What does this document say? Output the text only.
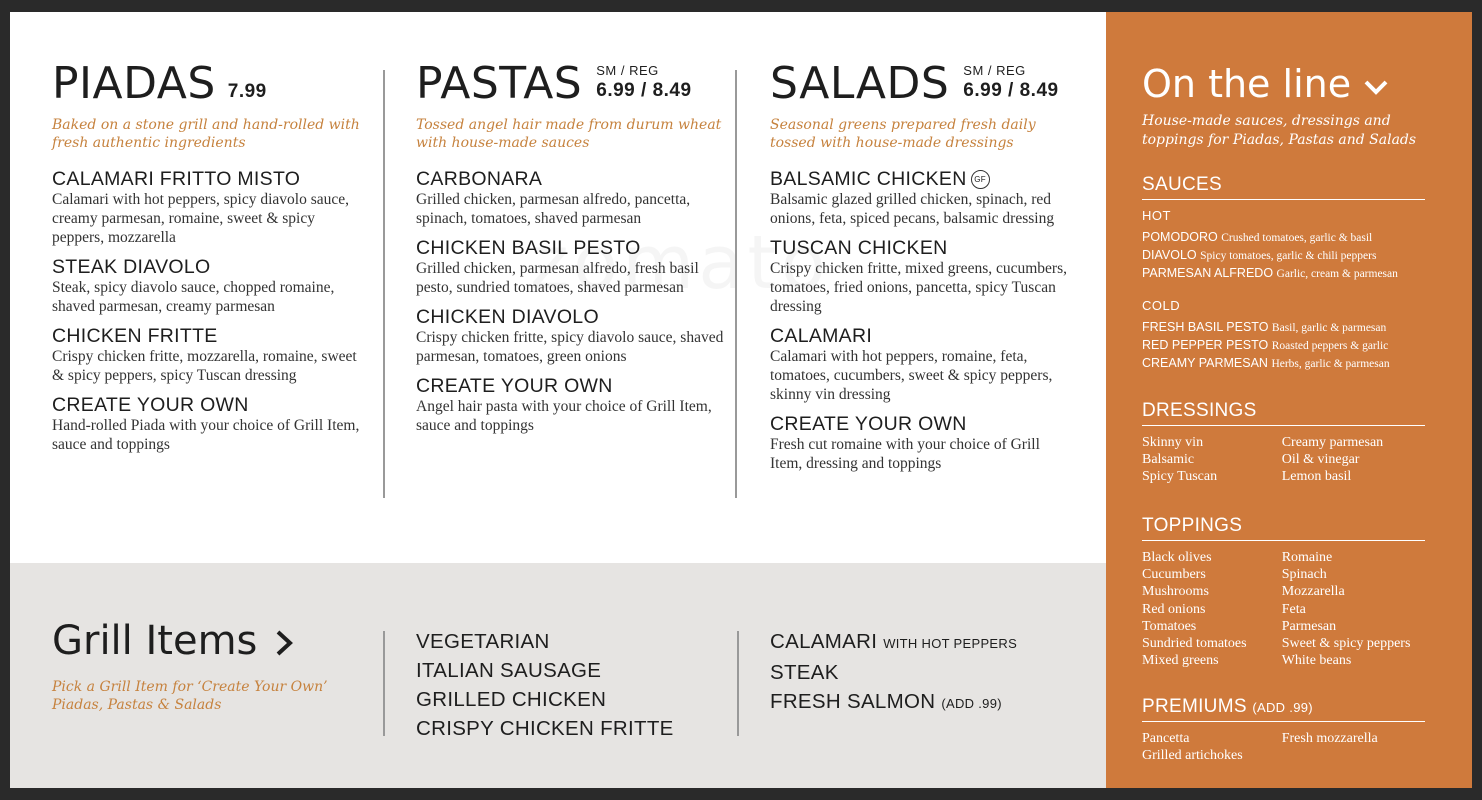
PIADAS 7.99
Baked on a stone grill and hand-rolled with fresh authentic ingredients
CALAMARI FRITTO MISTO
Calamari with hot peppers, spicy diavolo sauce, creamy parmesan, romaine, sweet & spicy peppers, mozzarella
STEAK DIAVOLO
Steak, spicy diavolo sauce, chopped romaine, shaved parmesan, creamy parmesan
CHICKEN FRITTE
Crispy chicken fritte, mozzarella, romaine, sweet & spicy peppers, spicy Tuscan dressing
CREATE YOUR OWN
Hand-rolled Piada with your choice of Grill Item, sauce and toppings
PASTAS SM / REG
6.99 / 8.49
Tossed angel hair made from durum wheat with house-made sauces
CARBONARA
Grilled chicken, parmesan alfredo, pancetta, spinach, tomatoes, shaved parmesan
CHICKEN BASIL PESTO
Grilled chicken, parmesan alfredo, fresh basil pesto, sundried tomatoes, shaved parmesan
CHICKEN DIAVOLO
Crispy chicken fritte, spicy diavolo sauce, shaved parmesan, tomatoes, green onions
CREATE YOUR OWN
Angel hair pasta with your choice of Grill Item, sauce and toppings
SALADS SM / REG
6.99 / 8.49
Seasonal greens prepared fresh daily tossed with house-made dressings
BALSAMIC CHICKEN GF
Balsamic glazed grilled chicken, spinach, red onions, feta, spiced pecans, balsamic dressing
TUSCAN CHICKEN
Crispy chicken fritte, mixed greens, cucumbers, tomatoes, fried onions, pancetta, spicy Tuscan dressing
CALAMARI
Calamari with hot peppers, romaine, feta, tomatoes, cucumbers, sweet & spicy peppers, skinny vin dressing
CREATE YOUR OWN
Fresh cut romaine with your choice of Grill Item, dressing and toppings
Grill Items
Pick a Grill Item for ‘Create Your Own’ Piadas, Pastas & Salads
VEGETARIAN
ITALIAN SAUSAGE
GRILLED CHICKEN
CRISPY CHICKEN FRITTE
CALAMARI WITH HOT PEPPERS
STEAK
FRESH SALMON (ADD .99)
On the line
House-made sauces, dressings and toppings for Piadas, Pastas and Salads
SAUCES
HOT
POMODORO Crushed tomatoes, garlic & basil
DIAVOLO Spicy tomatoes, garlic & chili peppers
PARMESAN ALFREDO Garlic, cream & parmesan
COLD
FRESH BASIL PESTO Basil, garlic & parmesan
RED PEPPER PESTO Roasted peppers & garlic
CREAMY PARMESAN Herbs, garlic & parmesan
DRESSINGS
Skinny vin
Balsamic
Spicy Tuscan
Creamy parmesan
Oil & vinegar
Lemon basil
TOPPINGS
Black olives
Cucumbers
Mushrooms
Red onions
Tomatoes
Sundried tomatoes
Mixed greens
Romaine
Spinach
Mozzarella
Feta
Parmesan
Sweet & spicy peppers
White beans
PREMIUMS (ADD .99)
Pancetta
Grilled artichokes
Fresh mozzarella
